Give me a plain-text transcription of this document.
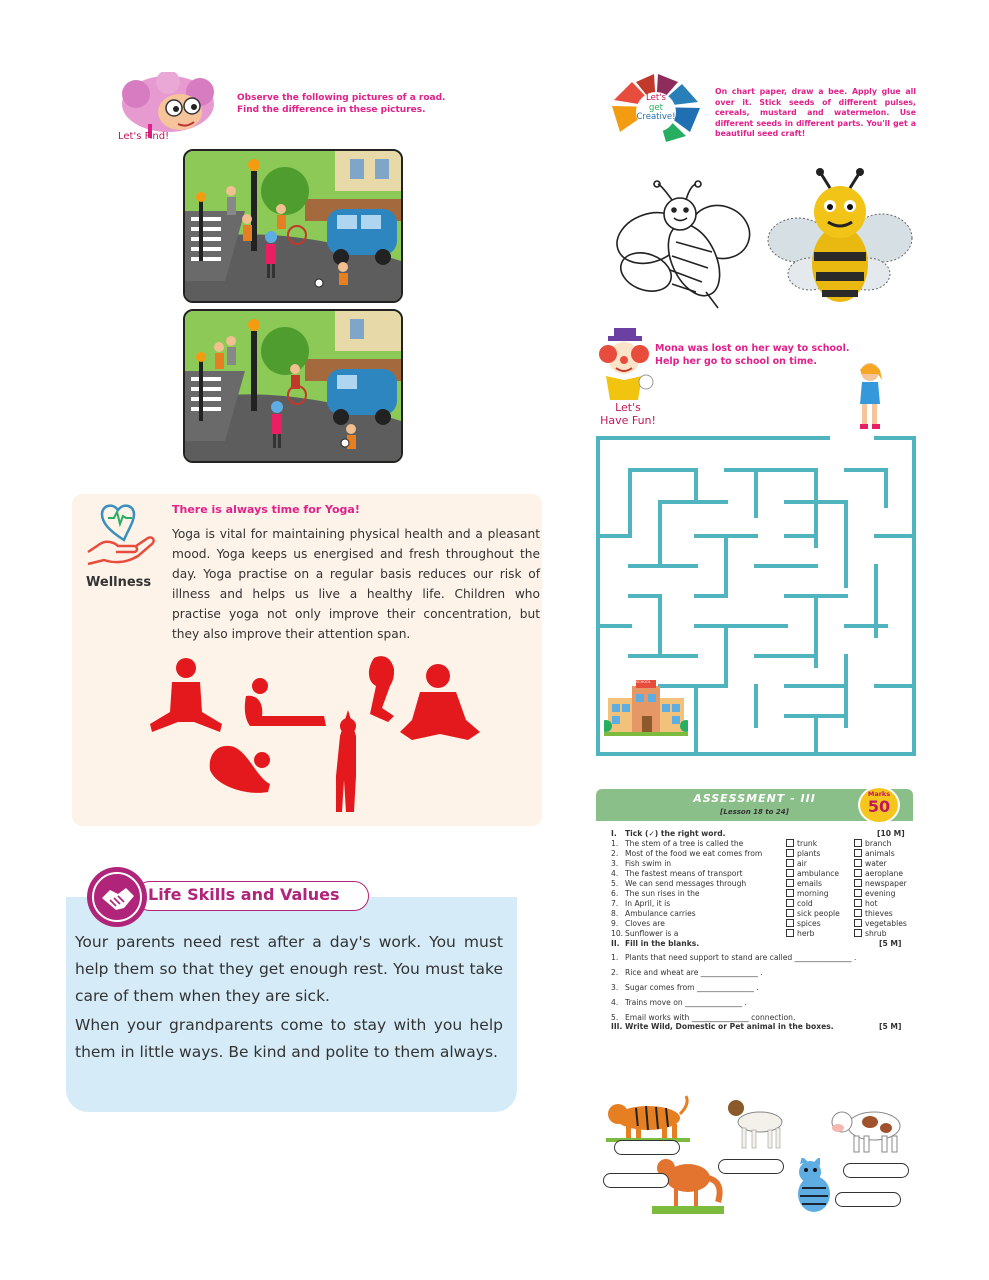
Let's Find!
Observe the following pictures of a road.
Find the difference in these pictures.
Let's
get
Creative!
On chart paper, draw a bee. Apply glue all over it. Stick seeds of different pulses, cereals, mustard and watermelon. Use different seeds in different parts. You'll get a beautiful seed craft!
Let's
Have Fun!
Mona was lost on her way to school.
Help her go to school on time.
SCHOOL
Wellness
There is always time for Yoga!
Yoga is vital for maintaining physical health and a pleasant mood. Yoga keeps us energised and fresh throughout the day. Yoga practise on a regular basis reduces our risk of illness and helps us live a healthy life. Children who practise yoga not only improve their concentration, but they also improve their attention span.
Life Skills and Values
Your parents need rest after a day's work. You must help them so that they get enough rest. You must take care of them when they are sick.
When your grandparents come to stay with you help them in little ways. Be kind and polite to them always.
ASSESSMENT - III
[Lesson 18 to 24]
Marks
50
I. Tick (✓) the right word.	[10 M]
1. The stem of a tree is called the	trunk	branch
2. Most of the food we eat comes from	plants	animals
3. Fish swim in	air	water
4. The fastest means of transport	ambulance	aeroplane
5. We can send messages through	emails	newspaper
6. The sun rises in the	morning	evening
7. In April, it is	cold	hot
8. Ambulance carries	sick people	thieves
9. Cloves are	spices	vegetables
10. Sunflower is a	herb	shrub
II. Fill in the blanks.	[5 M]
1. Plants that need support to stand are called _______________ .
2. Rice and wheat are _______________ .
3. Sugar comes from _______________ .
4. Trains move on _______________ .
5. Email works with _______________ connection.
III. Write Wild, Domestic or Pet animal in the boxes.	[5 M]
